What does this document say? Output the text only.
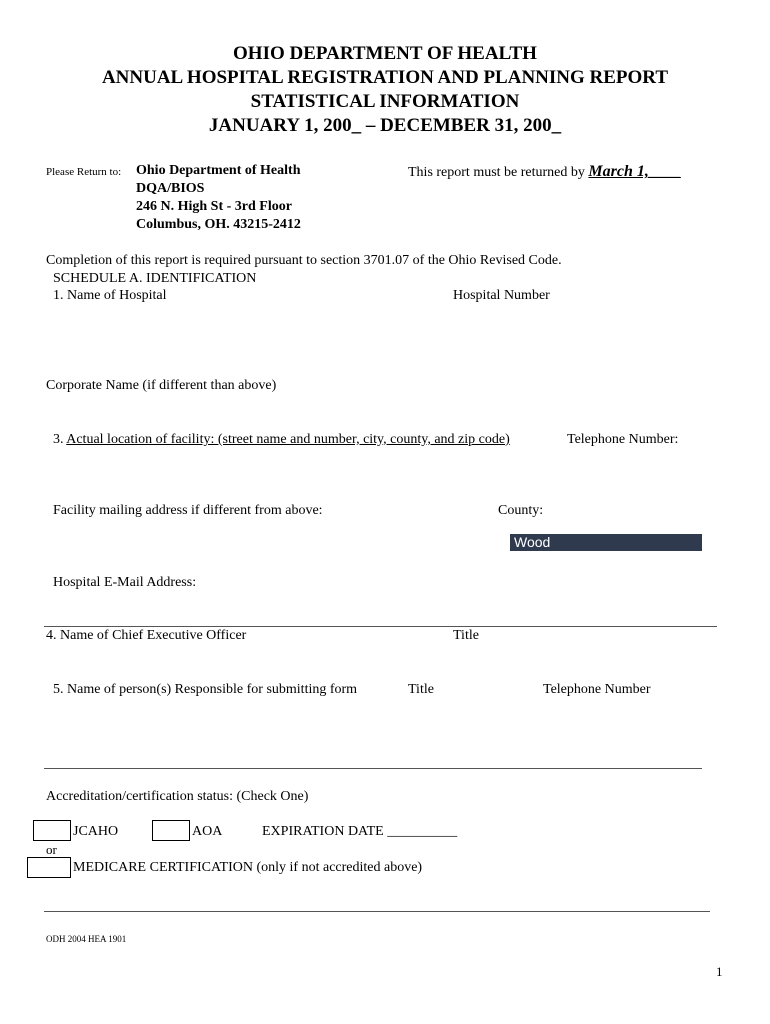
OHIO DEPARTMENT OF HEALTH
ANNUAL HOSPITAL REGISTRATION AND PLANNING REPORT
STATISTICAL INFORMATION
JANUARY 1, 200_ – DECEMBER 31, 200_
Please Return to: Ohio Department of Health
DQA/BIOS
246 N. High St - 3rd Floor
Columbus, OH. 43215-2412
This report must be returned by March 1,____
Completion of this report is required pursuant to section 3701.07 of the Ohio Revised Code.
SCHEDULE A. IDENTIFICATION
1. Name of Hospital	Hospital Number
Corporate Name (if different than above)
3. Actual location of facility: (street name and number, city, county, and zip code)	Telephone Number:
Facility mailing address if different from above:	County:
Wood
Hospital E-Mail Address:
4. Name of Chief Executive Officer	Title
5. Name of person(s) Responsible for submitting form	Title	Telephone Number
Accreditation/certification status: (Check One)
JCAHO	AOA	EXPIRATION DATE __________
or
MEDICARE CERTIFICATION (only if not accredited above)
ODH 2004 HEA 1901
1
